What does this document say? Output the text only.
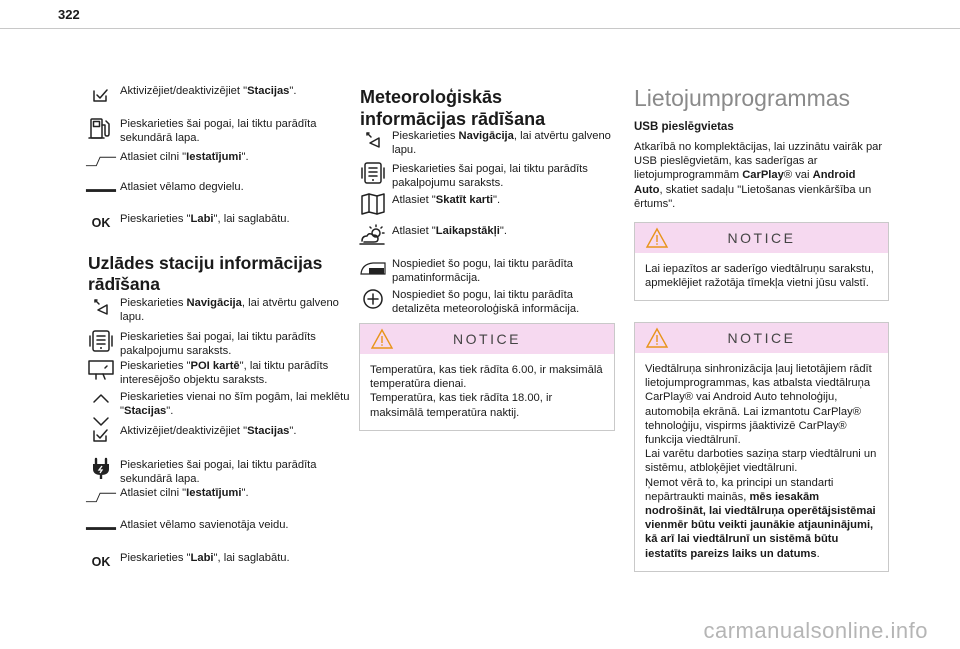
322
Aktivizējiet/deaktivizējiet "Stacijas".
Pieskarieties šai pogai, lai tiktu parādīta sekundārā lapa.
Atlasiet cilni "Iestatījumi".
Atlasiet vēlamo degvielu.
OK Pieskarieties "Labi", lai saglabātu.
Uzlādes staciju informācijas rādīšana
Pieskarieties Navigācija, lai atvērtu galveno lapu.
Pieskarieties šai pogai, lai tiktu parādīts pakalpojumu saraksts.
Pieskarieties "POI kartē", lai tiktu parādīts interesējošo objektu saraksts.
Pieskarieties vienai no šīm pogām, lai meklētu "Stacijas".
Aktivizējiet/deaktivizējiet "Stacijas".
Pieskarieties šai pogai, lai tiktu parādīta sekundārā lapa.
Atlasiet cilni "Iestatījumi".
Atlasiet vēlamo savienotāja veidu.
OK Pieskarieties "Labi", lai saglabātu.
Meteoroloģiskās informācijas rādīšana
Pieskarieties Navigācija, lai atvērtu galveno lapu.
Pieskarieties šai pogai, lai tiktu parādīts pakalpojumu saraksts.
Atlasiet "Skatīt karti".
Atlasiet "Laikapstākļi".
Nospiediet šo pogu, lai tiktu parādīta pamatinformācija.
Nospiediet šo pogu, lai tiktu parādīta detalizēta meteoroloģiskā informācija.
NOTICE
Temperatūra, kas tiek rādīta 6.00, ir maksimālā temperatūra dienai.
Temperatūra, kas tiek rādīta 18.00, ir maksimālā temperatūra naktij.
Lietojumprogrammas
USB pieslēgvietas
Atkarībā no komplektācijas, lai uzzinātu vairāk par USB pieslēgvietām, kas saderīgas ar lietojumprogrammām CarPlay® vai Android Auto, skatiet sadaļu "Lietošanas vienkāršība un ērtums".
NOTICE
Lai iepazītos ar saderīgo viedtālruņu sarakstu, apmeklējiet ražotāja tīmekļa vietni jūsu valstī.
NOTICE
Viedtālruņa sinhronizācija ļauj lietotājiem rādīt lietojumprogrammas, kas atbalsta viedtālruņa CarPlay® vai Android Auto tehnoloģiju, automobiļa ekrānā. Lai izmantotu CarPlay® tehnoloģiju, vispirms jāaktivizē CarPlay® funkcija viedtālrunī.
Lai varētu darboties saziņa starp viedtālruni un sistēmu, atbloķējiet viedtālruni.
Ņemot vērā to, ka principi un standarti nepārtraukti mainās, mēs iesakām nodrošināt, lai viedtālruņa operētājsistēmai vienmēr būtu veikti jaunākie atjauninājumi, kā arī lai viedtālrunī un sistēmā būtu iestatīts pareizs laiks un datums.
carmanualsonline.info
